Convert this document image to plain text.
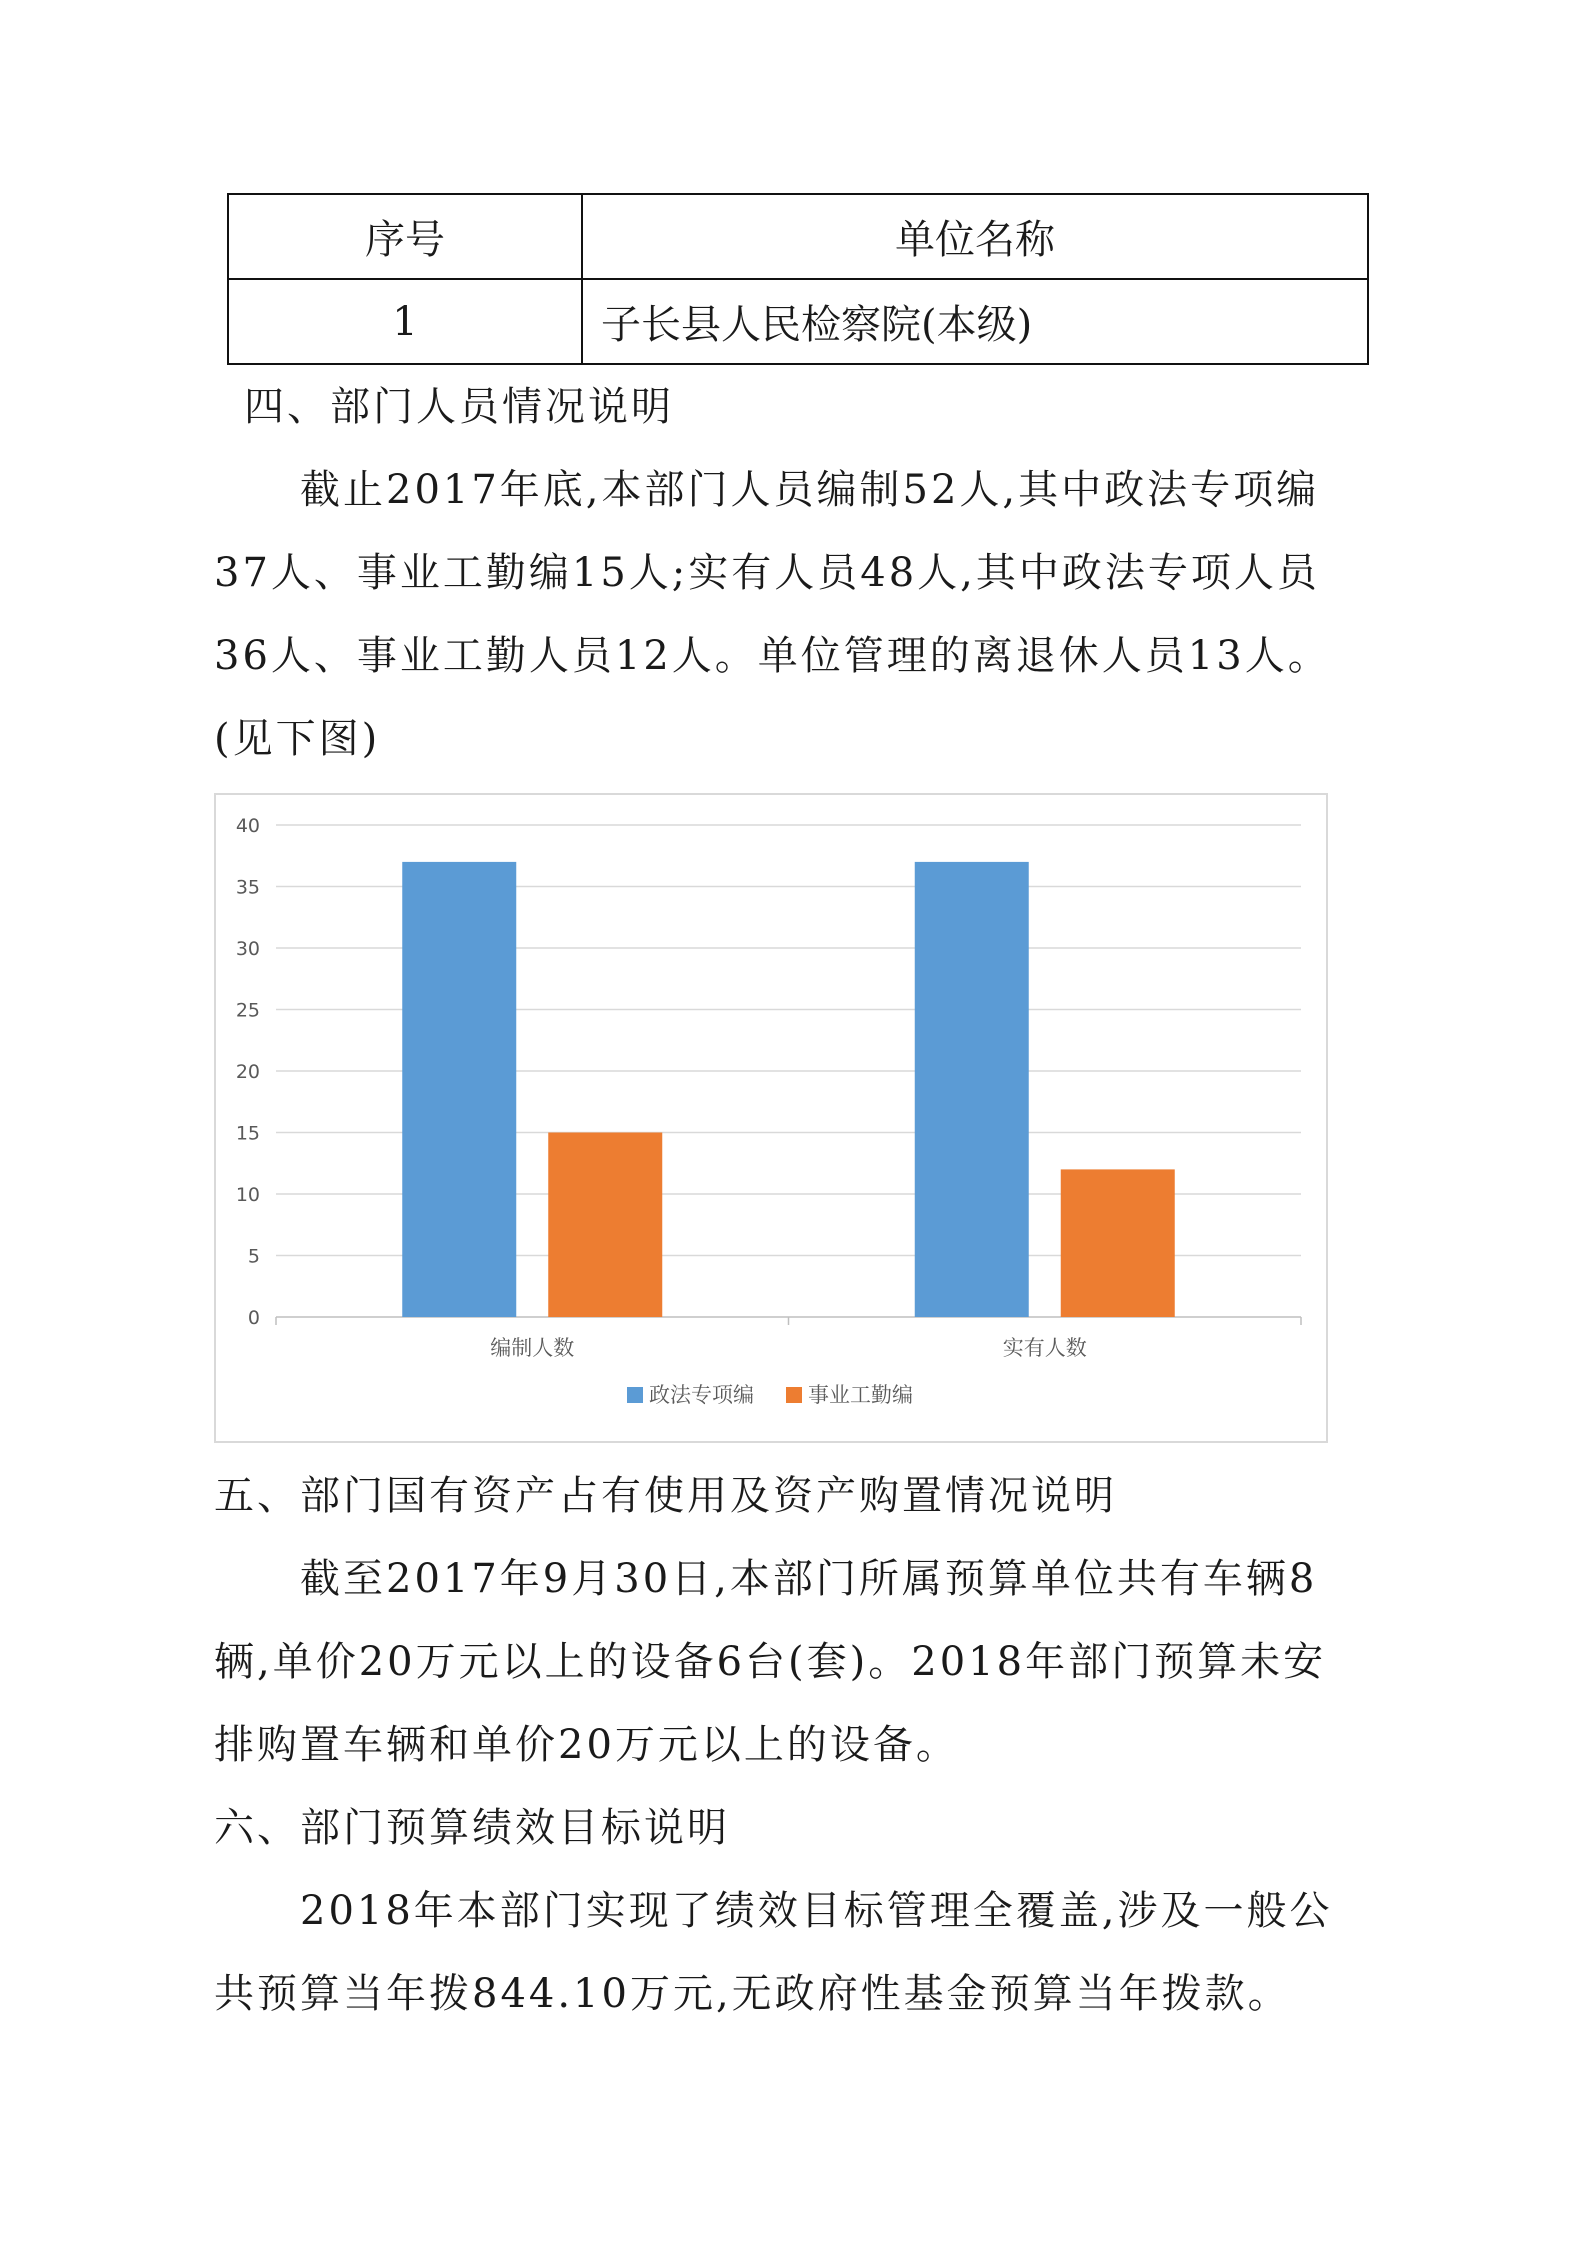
序号	单位名称
1	子长县人民检察院(本级)

四、部门人员情况说明

截止2017年底,本部门人员编制52人,其中政法专项编37人、事业工勤编15人;实有人员48人,其中政法专项人员36人、事业工勤人员12人。单位管理的离退休人员13人。(见下图)

0
5
10
15
20
25
30
35
40
编制人数	实有人数
政法专项编	事业工勤编

五、部门国有资产占有使用及资产购置情况说明

截至2017年9月30日,本部门所属预算单位共有车辆8辆,单价20万元以上的设备6台(套)。2018年部门预算未安排购置车辆和单价20万元以上的设备。

六、部门预算绩效目标说明

2018年本部门实现了绩效目标管理全覆盖,涉及一般公共预算当年拨844.10万元,无政府性基金预算当年拨款。
